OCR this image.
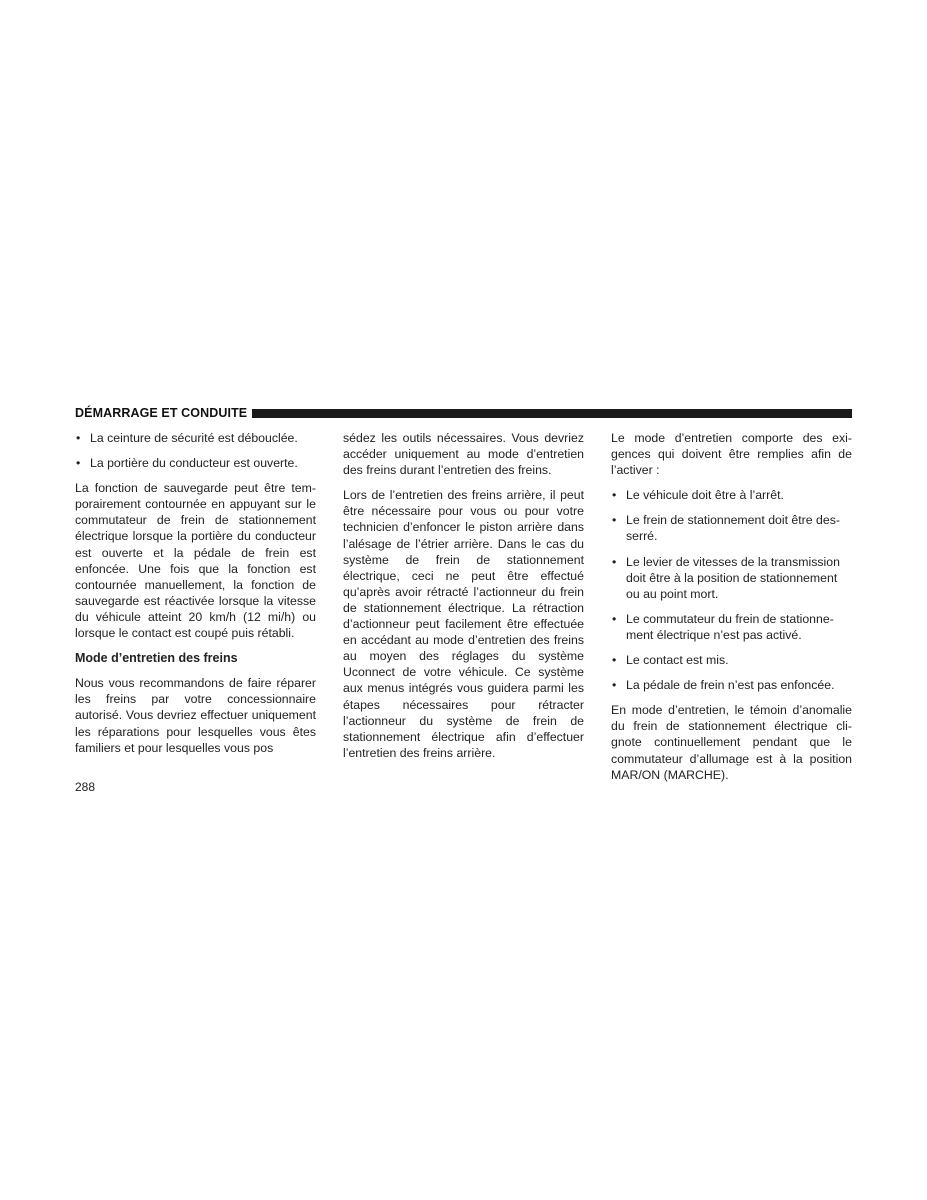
DÉMARRAGE ET CONDUITE

• La ceinture de sécurité est débouclée.

• La portière du conducteur est ouverte.

La fonction de sauvegarde peut être temporairement contournée en appuyant sur le commutateur de frein de stationnement électrique lorsque la portière du conducteur est ouverte et la pédale de frein est enfoncée. Une fois que la fonction est contournée manuellement, la fonction de sauvegarde est réactivée lorsque la vitesse du véhicule atteint 20 km/h (12 mi/h) ou lorsque le contact est coupé puis rétabli.

Mode d’entretien des freins

Nous vous recommandons de faire réparer les freins par votre concessionnaire autorisé. Vous devriez effectuer uniquement les réparations pour lesquelles vous êtes familiers et pour lesquelles vous pos

sédez les outils nécessaires. Vous devriez accéder uniquement au mode d’entretien des freins durant l’entretien des freins.

Lors de l’entretien des freins arrière, il peut être nécessaire pour vous ou pour votre technicien d’enfoncer le piston arrière dans l’alésage de l’étrier arrière. Dans le cas du système de frein de stationnement électrique, ceci ne peut être effectué qu’après avoir rétracté l’actionneur du frein de stationnement électrique. La rétraction d’actionneur peut facilement être effectuée en accédant au mode d’entretien des freins au moyen des réglages du système Uconnect de votre véhicule. Ce système aux menus intégrés vous guidera parmi les étapes nécessaires pour rétracter l’actionneur du système de frein de stationnement électrique afin d’effectuer l’entretien des freins arrière.

Le mode d’entretien comporte des exigences qui doivent être remplies afin de l’activer :

• Le véhicule doit être à l’arrêt.

• Le frein de stationnement doit être desserré.

• Le levier de vitesses de la transmission doit être à la position de stationnement ou au point mort.

• Le commutateur du frein de stationnement électrique n’est pas activé.

• Le contact est mis.

• La pédale de frein n’est pas enfoncée.

En mode d’entretien, le témoin d’anomalie du frein de stationnement électrique clignote continuellement pendant que le commutateur d’allumage est à la position MAR/ON (MARCHE).

288
